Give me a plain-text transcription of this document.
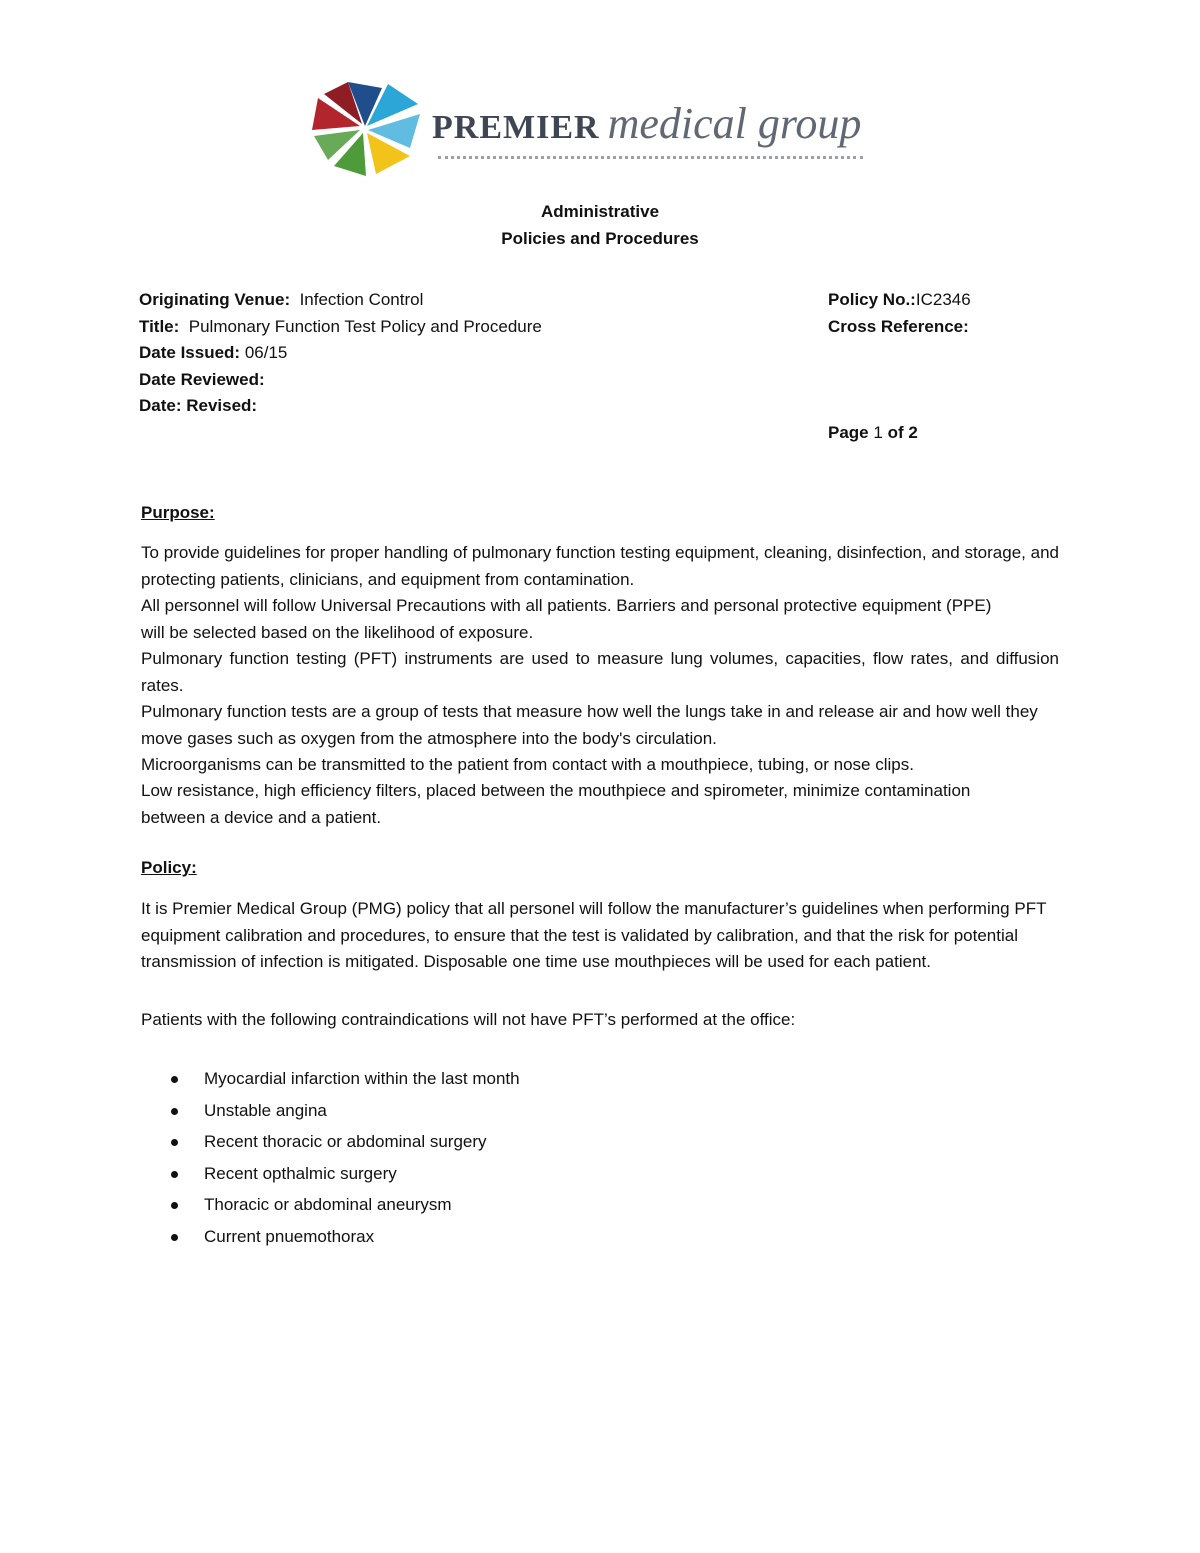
PREMIER medical group
Administrative
Policies and Procedures
Originating Venue: Infection Control
Title: Pulmonary Function Test Policy and Procedure
Date Issued: 06/15
Date Reviewed:
Date: Revised:
Policy No.:IC2346
Cross Reference:
Page 1 of 2
Purpose:

To provide guidelines for proper handling of pulmonary function testing equipment, cleaning, disinfection, and storage, and protecting patients, clinicians, and equipment from contamination.

All personnel will follow Universal Precautions with all patients. Barriers and personal protective equipment (PPE) will be selected based on the likelihood of exposure.

Pulmonary function testing (PFT) instruments are used to measure lung volumes, capacities, flow rates, and diffusion rates.

Pulmonary function tests are a group of tests that measure how well the lungs take in and release air and how well they move gases such as oxygen from the atmosphere into the body's circulation.

Microorganisms can be transmitted to the patient from contact with a mouthpiece, tubing, or nose clips.

Low resistance, high efficiency filters, placed between the mouthpiece and spirometer, minimize contamination between a device and a patient.

Policy:

It is Premier Medical Group (PMG) policy that all personel will follow the manufacturer’s guidelines when performing PFT equipment calibration and procedures, to ensure that the test is validated by calibration, and that the risk for potential transmission of infection is mitigated. Disposable one time use mouthpieces will be used for each patient.

Patients with the following contraindications will not have PFT’s performed at the office:

Myocardial infarction within the last month
Unstable angina
Recent thoracic or abdominal surgery
Recent opthalmic surgery
Thoracic or abdominal aneurysm
Current pnuemothorax
